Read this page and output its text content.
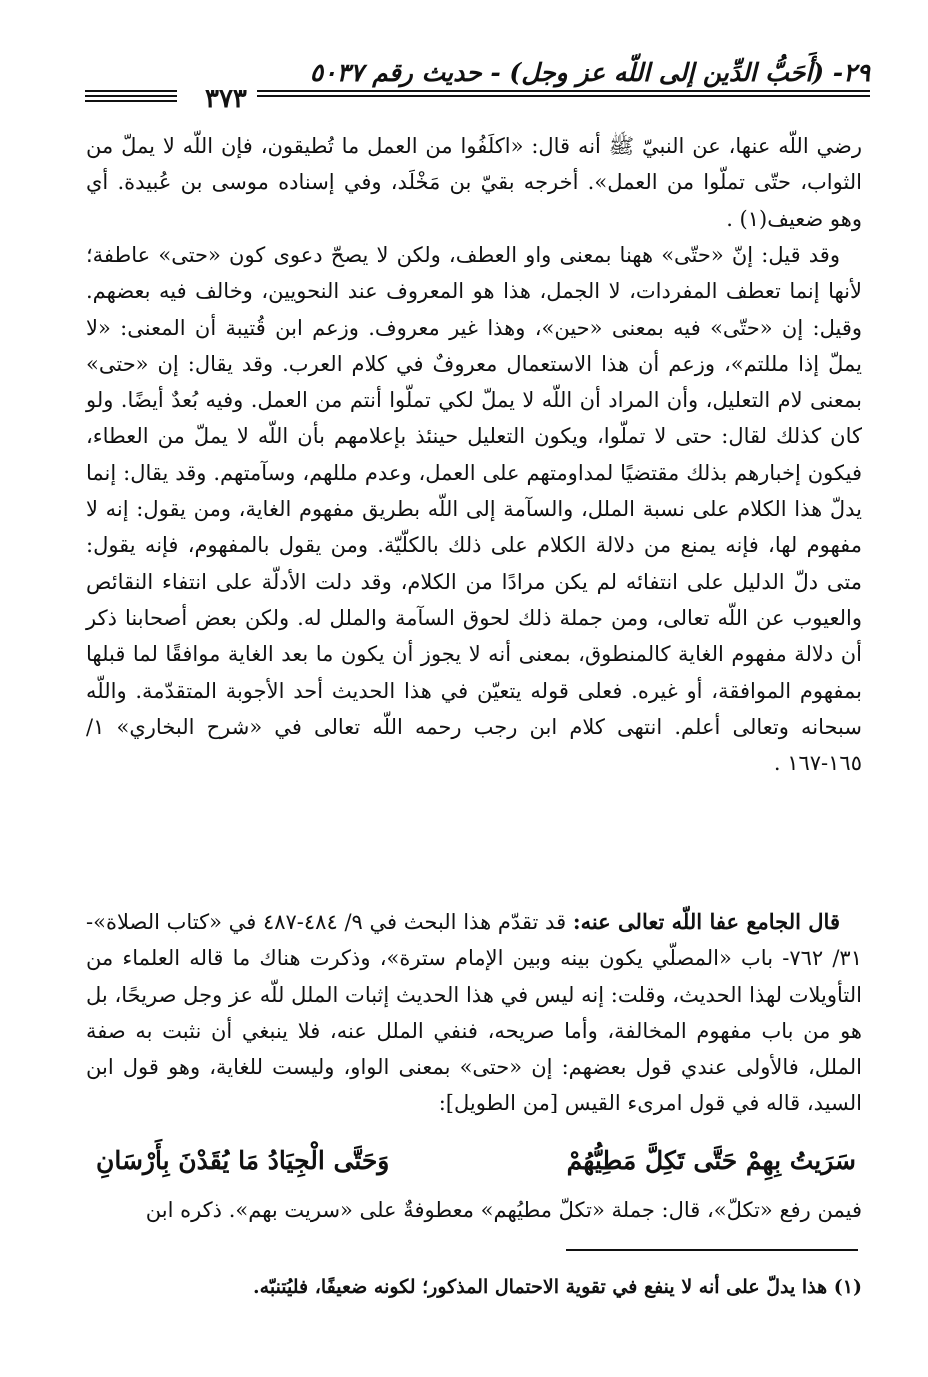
٢٩- (أَحَبُّ الدِّين إلى اللّه عز وجل) - حديث رقم ٥٠٣٧
٣٧٣
رضي اللّه عنها، عن النبيّ ﷺ أنه قال: «اكلَفُوا من العمل ما تُطيقون، فإن اللّه لا يملّ من الثواب، حتّى تملّوا من العمل». أخرجه بقيّ بن مَخْلَد، وفي إسناده موسى بن عُبيدة. أي وهو ضعيف(١) .
وقد قيل: إنّ «حتّى» ههنا بمعنى واو العطف، ولكن لا يصحّ دعوى كون «حتى» عاطفة؛ لأنها إنما تعطف المفردات، لا الجمل، هذا هو المعروف عند النحويين، وخالف فيه بعضهم. وقيل: إن «حتّى» فيه بمعنى «حين»، وهذا غير معروف. وزعم ابن قُتيبة أن المعنى: «لا يملّ إذا مللتم»، وزعم أن هذا الاستعمال معروفٌ في كلام العرب. وقد يقال: إن «حتى» بمعنى لام التعليل، وأن المراد أن اللّه لا يملّ لكي تملّوا أنتم من العمل. وفيه بُعدٌ أيضًا. ولو كان كذلك لقال: حتى لا تملّوا، ويكون التعليل حينئذ بإعلامهم بأن اللّه لا يملّ من العطاء، فيكون إخبارهم بذلك مقتضيًا لمداومتهم على العمل، وعدم مللهم، وسآمتهم. وقد يقال: إنما يدلّ هذا الكلام على نسبة الملل، والسآمة إلى اللّه بطريق مفهوم الغاية، ومن يقول: إنه لا مفهوم لها، فإنه يمنع من دلالة الكلام على ذلك بالكلّيّة. ومن يقول بالمفهوم، فإنه يقول: متى دلّ الدليل على انتفائه لم يكن مرادًا من الكلام، وقد دلت الأدلّة على انتفاء النقائص والعيوب عن اللّه تعالى، ومن جملة ذلك لحوق السآمة والملل له. ولكن بعض أصحابنا ذكر أن دلالة مفهوم الغاية كالمنطوق، بمعنى أنه لا يجوز أن يكون ما بعد الغاية موافقًا لما قبلها بمفهوم الموافقة، أو غيره. فعلى قوله يتعيّن في هذا الحديث أحد الأجوبة المتقدّمة. واللّه سبحانه وتعالى أعلم. انتهى كلام ابن رجب رحمه اللّه تعالى في «شرح البخاري» ١/ ١٦٥-١٦٧ .
قال الجامع عفا اللّه تعالى عنه: قد تقدّم هذا البحث في ٩/ ٤٨٤-٤٨٧ في «كتاب الصلاة»- ٣١/ ٧٦٢- باب «المصلّي يكون بينه وبين الإمام سترة»، وذكرت هناك ما قاله العلماء من التأويلات لهذا الحديث، وقلت: إنه ليس في هذا الحديث إثبات الملل للّه عز وجل صريحًا، بل هو من باب مفهوم المخالفة، وأما صريحه، فنفي الملل عنه، فلا ينبغي أن نثبت به صفة الملل، فالأولى عندي قول بعضهم: إن «حتى» بمعنى الواو، وليست للغاية، وهو قول ابن السيد، قاله في قول امرىء القيس [من الطويل]:
سَرَيتُ بِهِمْ حَتَّى تَكِلَّ مَطِيُّهُمْ
وَحَتَّى الْجِيَادُ مَا يُقَدْنَ بِأَرْسَانِ
فيمن رفع «تكلّ»، قال: جملة «تكلّ مطيُهم» معطوفةٌ على «سريت بهم». ذكره ابن
(١) هذا يدلّ على أنه لا ينفع في تقوية الاحتمال المذكور؛ لكونه ضعيفًا، فليُتنبّه.
